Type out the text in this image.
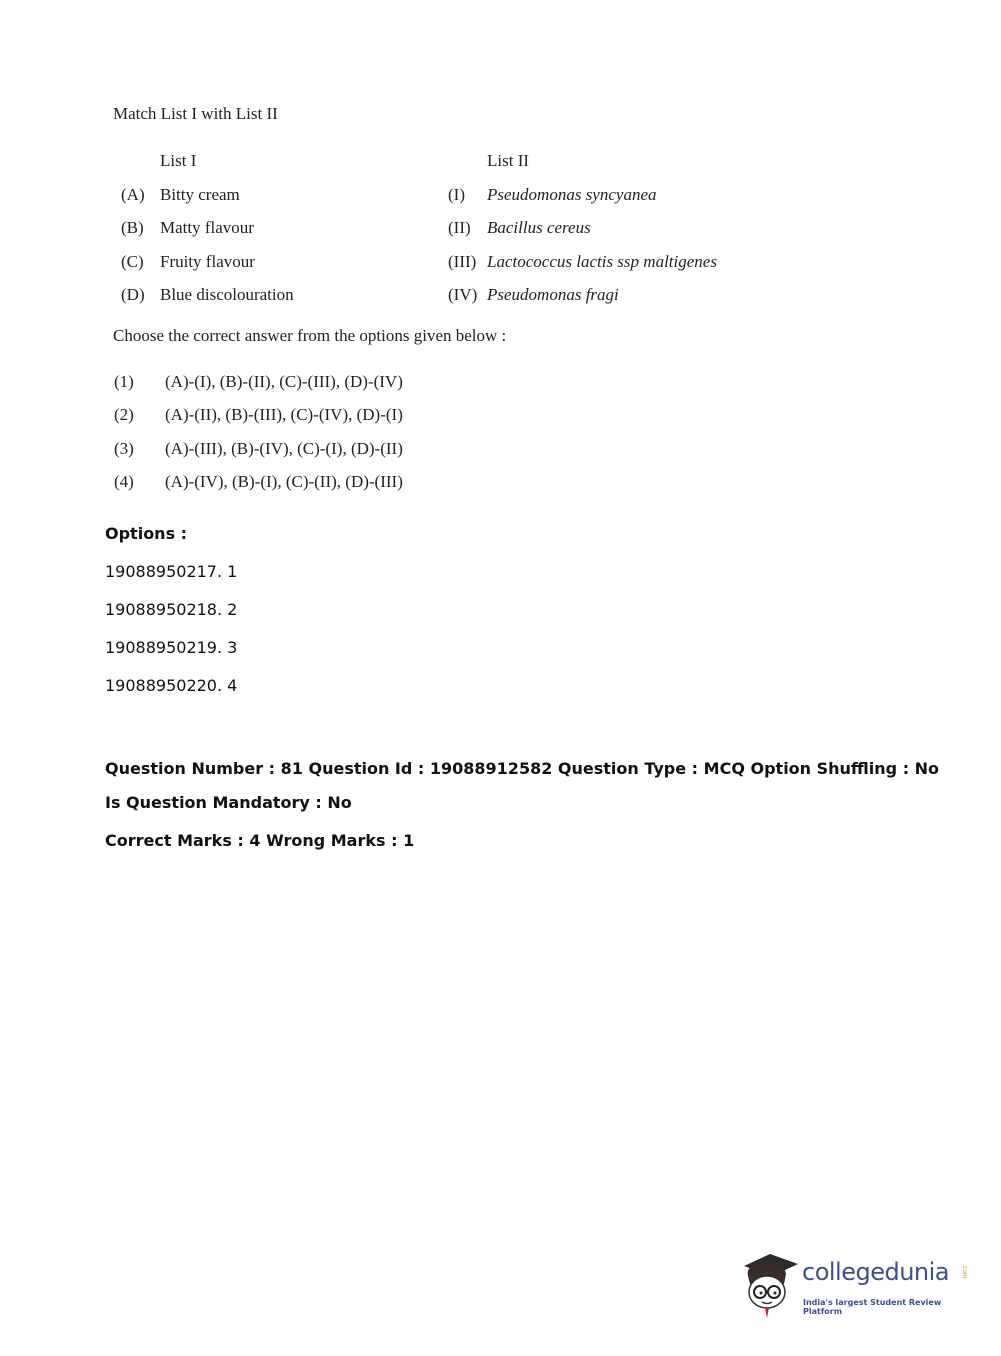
Match List I with List II
List I	List II
(A) Bitty cream
(B) Matty flavour
(C) Fruity flavour
(D) Blue discolouration
(I) Pseudomonas syncyanea
(II) Bacillus cereus
(III) Lactococcus lactis ssp maltigenes
(IV) Pseudomonas fragi
Choose the correct answer from the options given below :
(1) (A)-(I), (B)-(II), (C)-(III), (D)-(IV)
(2) (A)-(II), (B)-(III), (C)-(IV), (D)-(I)
(3) (A)-(III), (B)-(IV), (C)-(I), (D)-(II)
(4) (A)-(IV), (B)-(I), (C)-(II), (D)-(III)
Options :
19088950217. 1
19088950218. 2
19088950219. 3
19088950220. 4
Question Number : 81 Question Id : 19088912582 Question Type : MCQ Option Shuffling : No
Is Question Mandatory : No
Correct Marks : 4 Wrong Marks : 1
collegedunia .com
India's largest Student Review Platform
